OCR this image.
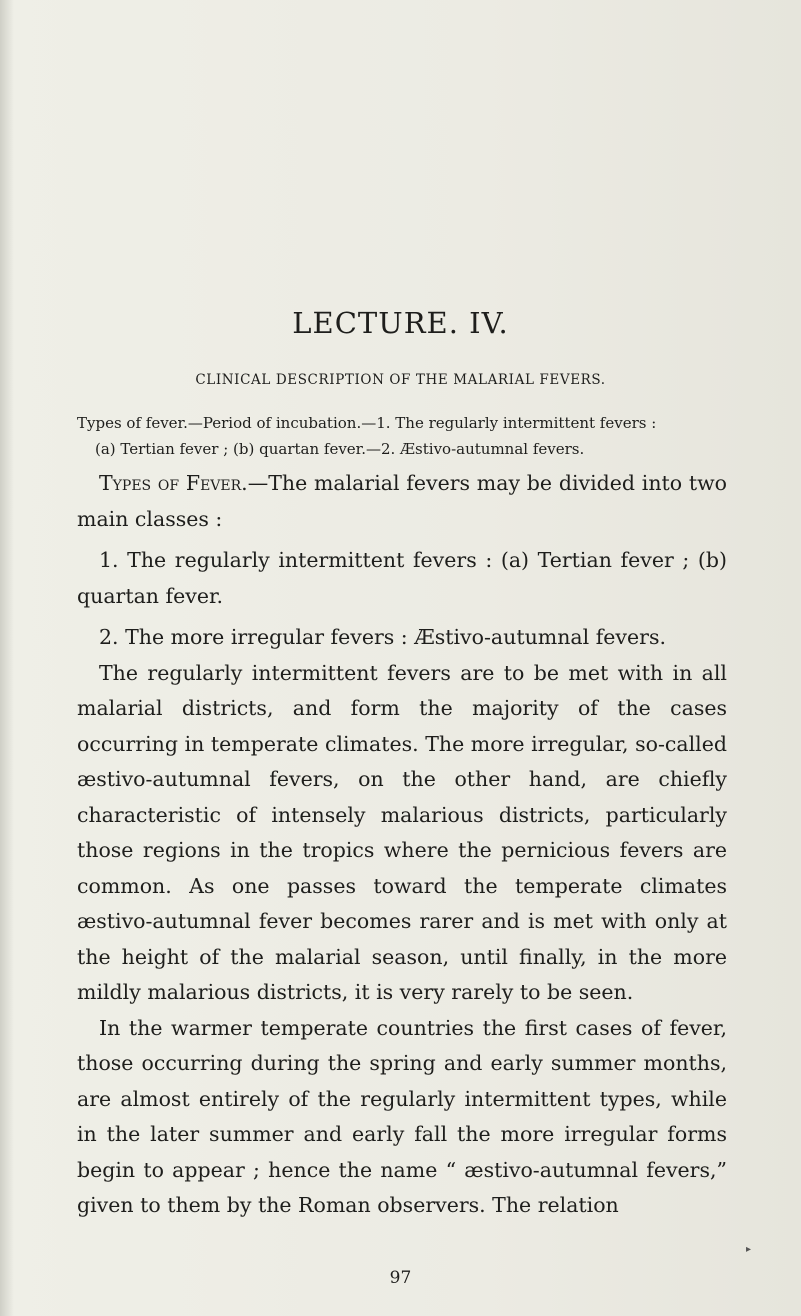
LECTURE. IV.
CLINICAL DESCRIPTION OF THE MALARIAL FEVERS.
Types of fever.—Period of incubation.—1. The regularly intermittent fevers :

(a) Tertian fever ; (b) quartan fever.—2. Æstivo-autumnal fevers.

Types of Fever.—The malarial fevers may be divided into two main classes :

1. The regularly intermittent fevers : (a) Tertian fever ; (b) quartan fever.

2. The more irregular fevers : Æstivo-autumnal fevers.

The regularly intermittent fevers are to be met with in all malarial districts, and form the majority of the cases occurring in temperate climates. The more irregular, so-called æstivo-autumnal fevers, on the other hand, are chiefly characteristic of intensely malarious districts, particularly those regions in the tropics where the pernicious fevers are common. As one passes toward the temperate climates æstivo-autumnal fever becomes rarer and is met with only at the height of the malarial season, until finally, in the more mildly malarious districts, it is very rarely to be seen.

In the warmer temperate countries the first cases of fever, those occurring during the spring and early summer months, are almost entirely of the regularly intermittent types, while in the later summer and early fall the more irregular forms begin to appear ; hence the name “ æstivo-autumnal fevers,” given to them by the Roman observers. The relation

▸
97
